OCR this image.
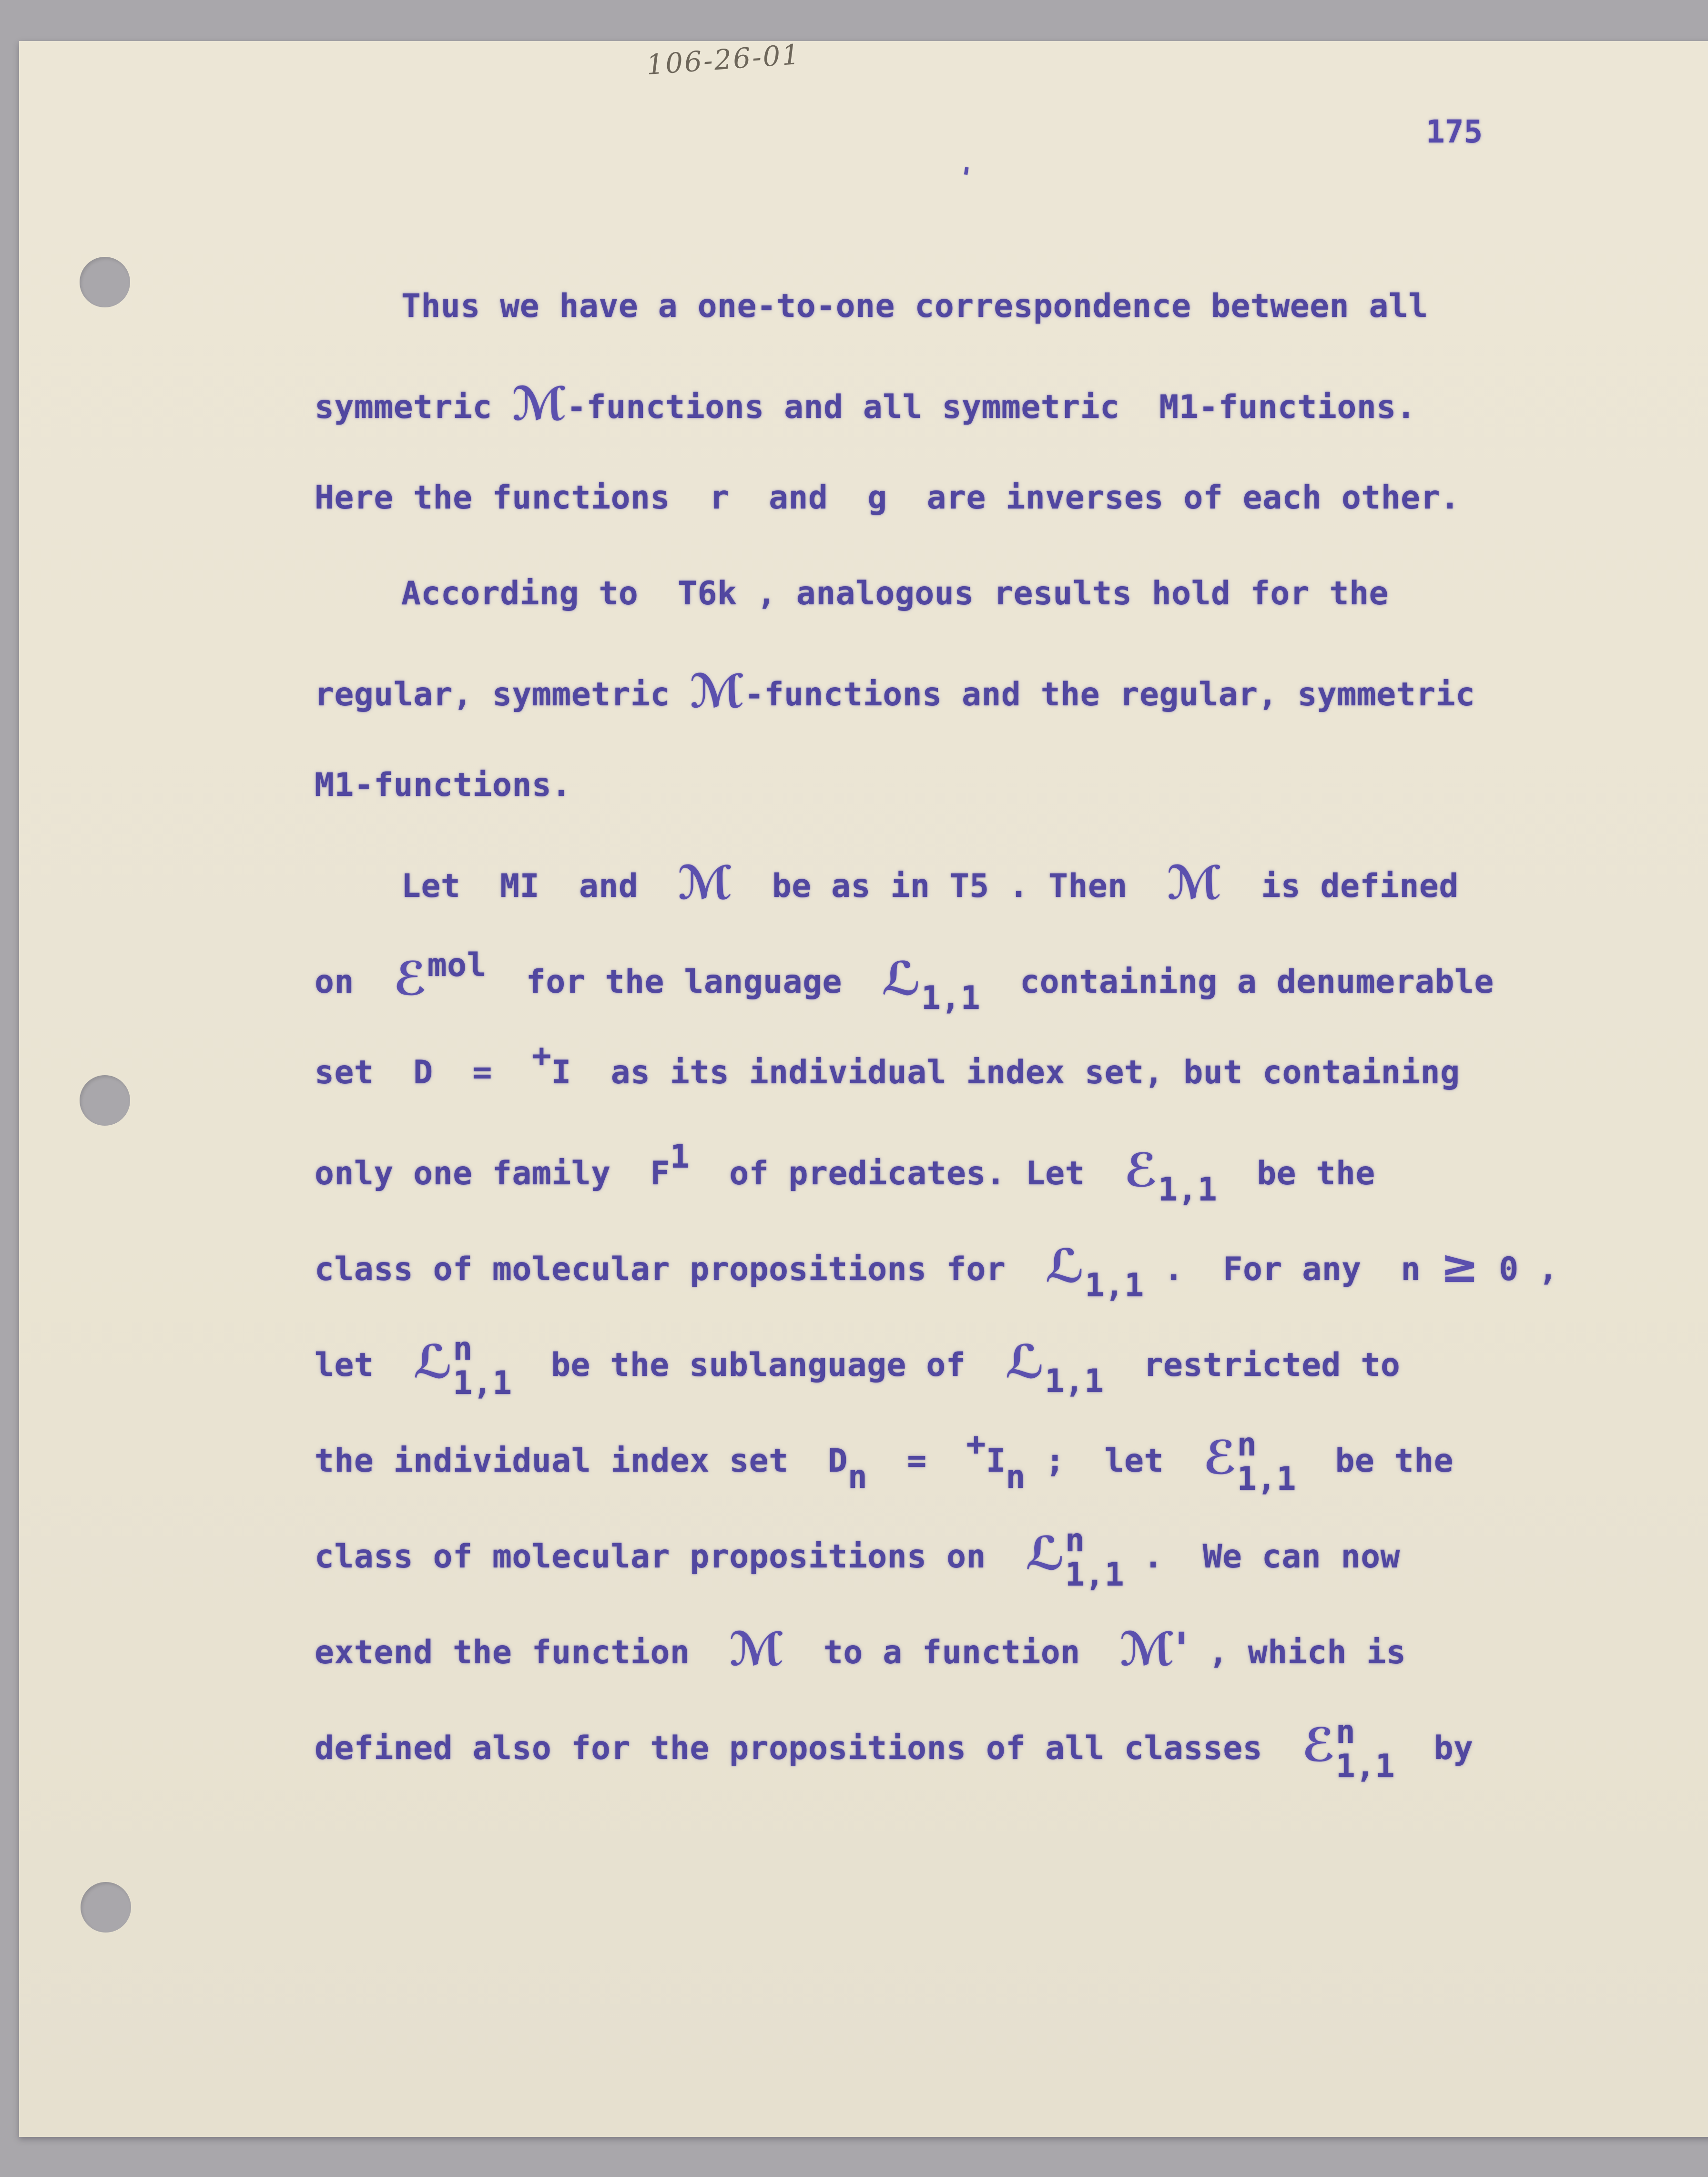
106-26-01
175
'
Thus we have a one-to-one correspondence between all
symmetric ℳ-functions and all symmetric  M1-functions.
Here the functions  r  and  g  are inverses of each other.
According to  T6k , analogous results hold for the
regular, symmetric ℳ-functions and the regular, symmetric
M1-functions.
Let  MI  and  ℳ  be as in T5 . Then  ℳ  is defined
on  ℰmol  for the language  ℒ1,1  containing a denumerable
set  D  =  +I  as its individual index set, but containing
only one family  F1  of predicates. Let  ℰ1,1  be the
class of molecular propositions for  ℒ1,1 .  For any  n ≥ 0 ,
let  ℒ n
1,1
be the sublanguage of  ℒ1,1  restricted to
the individual index set  Dn  =  +In ;  let  ℰ n
1,1
be the
class of molecular propositions on  ℒ n
1,1
.  We can now
extend the function  ℳ  to a function  ℳ' , which is
defined also for the propositions of all classes  ℰ n
1,1
by
